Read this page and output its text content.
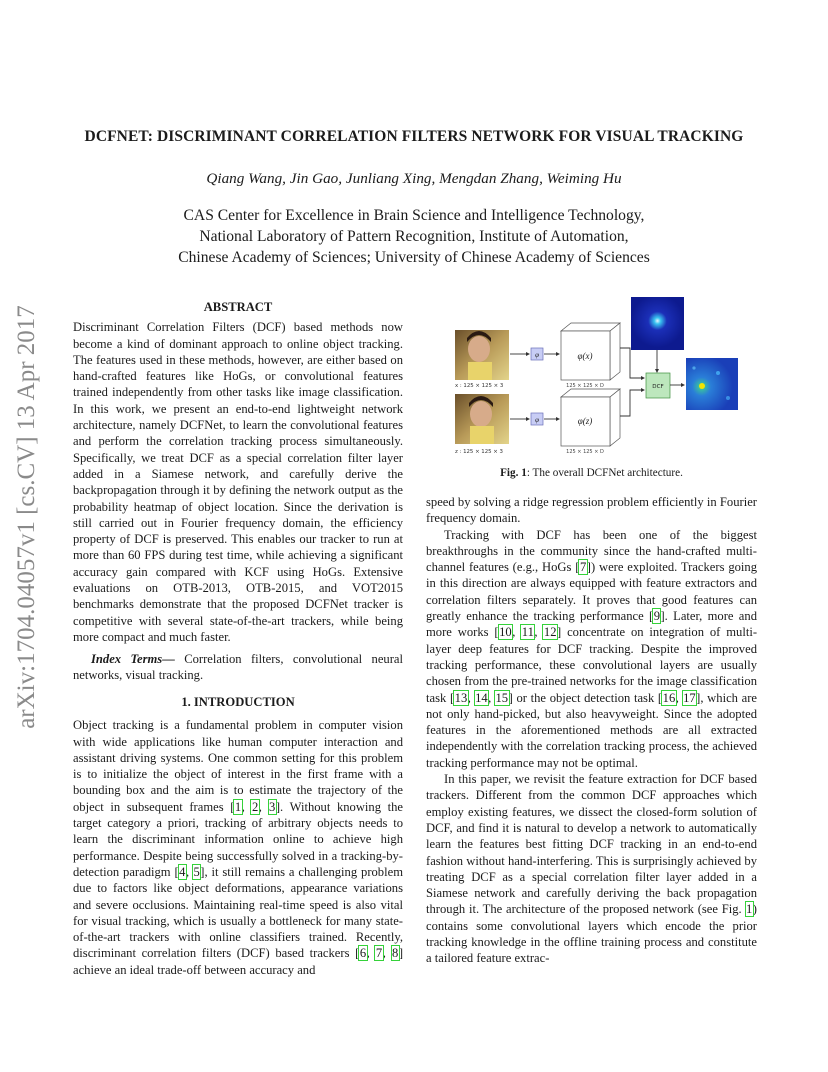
arXiv:1704.04057v1 [cs.CV] 13 Apr 2017
DCFNET: DISCRIMINANT CORRELATION FILTERS NETWORK FOR VISUAL TRACKING
Qiang Wang, Jin Gao, Junliang Xing, Mengdan Zhang, Weiming Hu
CAS Center for Excellence in Brain Science and Intelligence Technology,
National Laboratory of Pattern Recognition, Institute of Automation,
Chinese Academy of Sciences; University of Chinese Academy of Sciences
ABSTRACT

Discriminant Correlation Filters (DCF) based methods now become a kind of dominant approach to online object tracking. The features used in these methods, however, are either based on hand-crafted features like HoGs, or convolutional features trained independently from other tasks like image classification. In this work, we present an end-to-end lightweight network architecture, namely DCFNet, to learn the convolutional features and perform the correlation tracking process simultaneously. Specifically, we treat DCF as a special correlation filter layer added in a Siamese network, and carefully derive the backpropagation through it by defining the network output as the probability heatmap of object location. Since the derivation is still carried out in Fourier frequency domain, the efficiency property of DCF is preserved. This enables our tracker to run at more than 60 FPS during test time, while achieving a significant accuracy gain compared with KCF using HoGs. Extensive evaluations on OTB-2013, OTB-2015, and VOT2015 benchmarks demonstrate that the proposed DCFNet tracker is competitive with several state-of-the-art trackers, while being more compact and much faster.

Index Terms— Correlation filters, convolutional neural networks, visual tracking.

1. INTRODUCTION

Object tracking is a fundamental problem in computer vision with wide applications like human computer interaction and assistant driving systems. One common setting for this problem is to initialize the object of interest in the first frame with a bounding box and the aim is to estimate the trajectory of the object in subsequent frames [1, 2, 3]. Without knowing the target category a priori, tracking of arbitrary objects needs to learn the discriminant information online to achieve high performance. Despite being successfully solved in a tracking-by-detection paradigm [4, 5], it still remains a challenging problem due to factors like object deformations, appearance variations and severe occlusions. Maintaining real-time speed is also vital for visual tracking, which is usually a bottleneck for many state-of-the-art trackers with online classifiers trained. Recently, discriminant correlation filters (DCF) based trackers [6, 7, 8] achieve an ideal trade-off between accuracy and

x : 125 × 125 × 3
z : 125 × 125 × 3
φ
φ
φ(x)
125 × 125 × D
φ(z)
125 × 125 × D
DCF
Fig. 1: The overall DCFNet architecture.

speed by solving a ridge regression problem efficiently in Fourier frequency domain.

Tracking with DCF has been one of the biggest breakthroughs in the community since the hand-crafted multi-channel features (e.g., HoGs [7]) were exploited. Trackers going in this direction are always equipped with feature extractors and correlation filters separately. It proves that good features can greatly enhance the tracking performance [9]. Later, more and more works [10, 11, 12] concentrate on integration of multi-layer deep features for DCF tracking. Despite the improved tracking performance, these convolutional layers are usually chosen from the pre-trained networks for the image classification task [13, 14, 15] or the object detection task [16, 17], which are not only hand-picked, but also heavyweight. Since the adopted features in the aforementioned methods are all extracted independently with the correlation tracking process, the achieved tracking performance may not be optimal.

In this paper, we revisit the feature extraction for DCF based trackers. Different from the common DCF approaches which employ existing features, we dissect the closed-form solution of DCF, and find it is natural to develop a network to automatically learn the features best fitting DCF tracking in an end-to-end fashion without hand-interfering. This is surprisingly achieved by treating DCF as a special correlation filter layer added in a Siamese network and carefully deriving the back propagation through it. The architecture of the proposed network (see Fig. 1) contains some convolutional layers which encode the prior tracking knowledge in the offline training process and constitute a tailored feature extrac-
